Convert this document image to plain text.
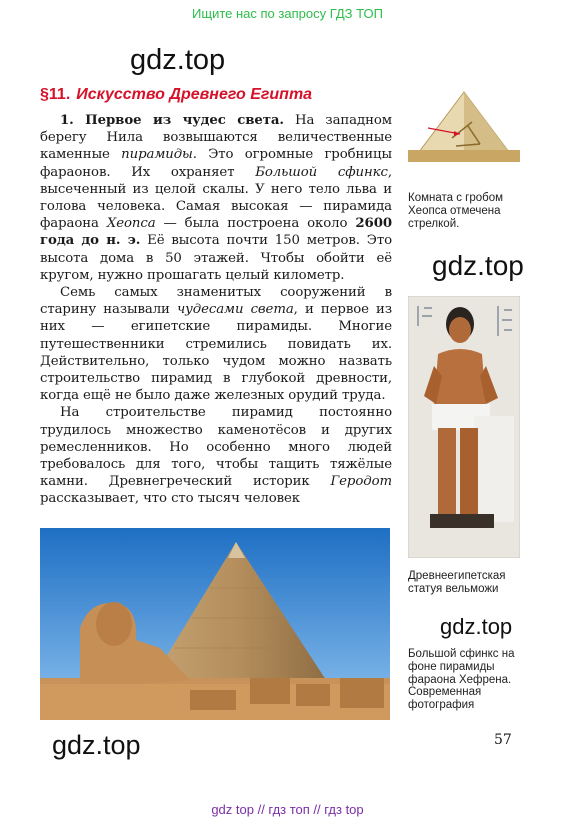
Ищите нас по запросу ГДЗ ТОП
gdz.top
gdz.top
gdz.top
gdz.top
§11. Искусство Древнего Египта

1. Первое из чудес света. На западном берегу Нила возвышаются величественные каменные пирамиды. Это огромные гробницы фараонов. Их охраняет Большой сфинкс, высеченный из целой скалы. У него тело льва и голова человека. Самая высокая — пирамида фараона Хеопса — была построена около 2600 года до н. э. Её высота почти 150 метров. Это высота дома в 50 этажей. Чтобы обойти её кругом, нужно прошагать целый километр.

Семь самых знаменитых сооружений в старину называли чудесами света, и первое из них — египетские пирамиды. Многие путешественники стремились повидать их. Действительно, только чудом можно назвать строительство пирамид в глубокой древности, когда ещё не было даже железных орудий труда.

На строительстве пирамид постоянно трудилось множество каменотёсов и других ремесленников. Но особенно много людей требовалось для того, чтобы тащить тяжёлые камни. Древнегреческий историк Геродот рассказывает, что сто тысяч человек

Комната с гробом Хеопса отмечена стрелкой.
Древнеегипетская статуя вельможи
Большой сфинкс на фоне пирамиды фараона Хефрена. Современная фотография
57
gdz top // гдз топ // гдз top
